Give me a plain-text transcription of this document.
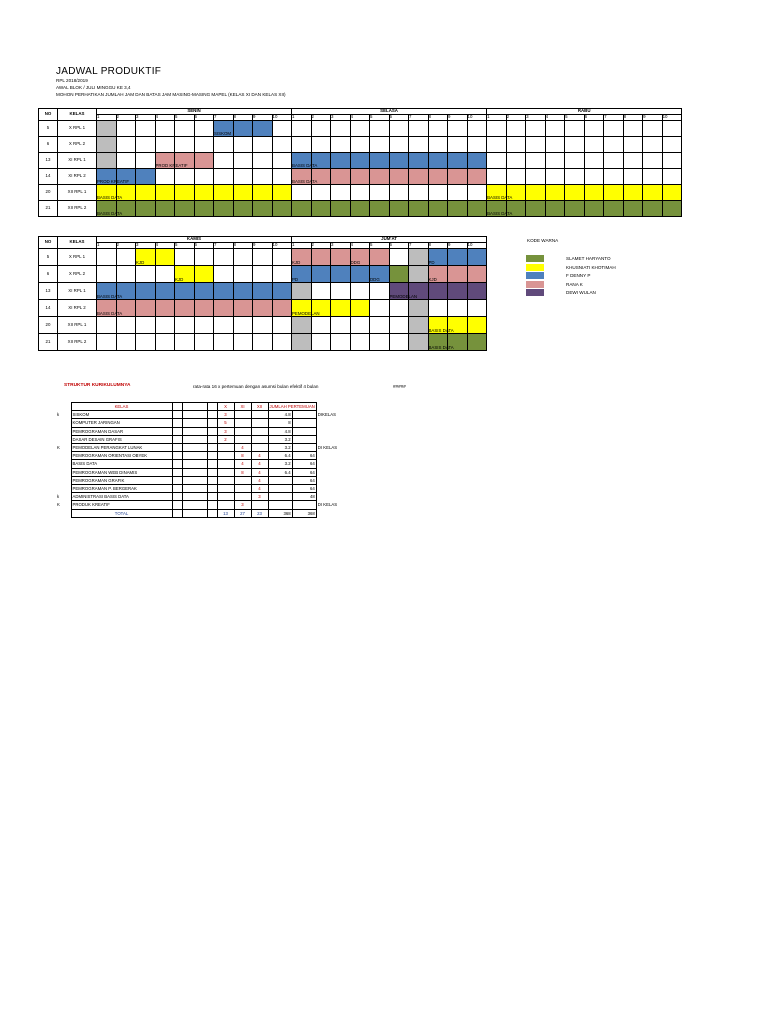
JADWAL PRODUKTIF
RPL 2018/2019
AWAL BLOK / JULI MINGGU KE 3,4
MOHON PERHATIKAN JUMLAH JAM DAN BATAS JAM MASING-MASING MAPEL (KELAS XI DAN KELAS XII)
NO	KELAS	SENIN										SELASA										RABU									
		1	2	3	4	5	6	7	8	9	10	1	2	3	4	5	6	7	8	9	10	1	2	3	4	5	6	7	8	9	10
5	X RPL 1							SISKOM																							
6	X RPL 2																														
13	XI RPL 1				PROD KREATIF							BASIS DATA																			
14	XI RPL 2	PROD KREATIF										BASIS DATA																			
20	XII RPL 1	BASIS DATA																				BASIS DATA									
21	XII RPL 2	BASIS DATA																				BASIS DATA									
NO	KELAS	KAMIS										JUM'AT									
		1	2	3	4	5	6	7	8	9	10	1	2	3	4	5	6	7	8	9	10
5	X RPL 1			KJD								KJD			DDG				PD		
6	X RPL 2					KJD						PD				DDG			KJD		
13	XI RPL 1	BASIS DATA															PEMODELAN				
14	XI RPL 2	BASIS DATA										PEMODELAN									
20	XII RPL 1																		BASIS DATA		
21	XII RPL 2																		BASIS DATA		
KODE WARNA
SLAMET HARYANTO
KHUSNIATI KHOTIMAH
F DENNY P
RANA K
DEWI WULAN
STRUKTUR KURIKULUMNYA	rata-rata 16 x pertemuan dengan asumsi bulan efektif 4 bulan	#####
	KELAS				X	XI	XII	JUMLAH PERTEMUAN			
k	SISKOM				3			4.8		DIKELAS	
	KOMPUTER JARINGAN				5			8			
	PEMROGRAMAN DASAR				3			4.8			
	DASAR DESAIN GRAFIS				2			3.2			
K	PEMODELAN PERANGKAT LUNAK					4		3.2		DI KELAS	
	PEMROGRAMAN ORIENTASI OBYEK					8	4	6.4	64		
	BASIS DATA					4	4	3.2	64		
	PEMROGRAMAN WEB DINAMIS					8	4	6.4	64		
	PEMROGRAMAN GRAFIK						4		64		
	PEMROGRAMAN P. BERGERAK						4		64		
k	ADMINISTRASI BASIS DATA						3		48		
K	PRODUK KREATIF					3				DI KELAS	
	TOTAL				13	27	23	368	368		
